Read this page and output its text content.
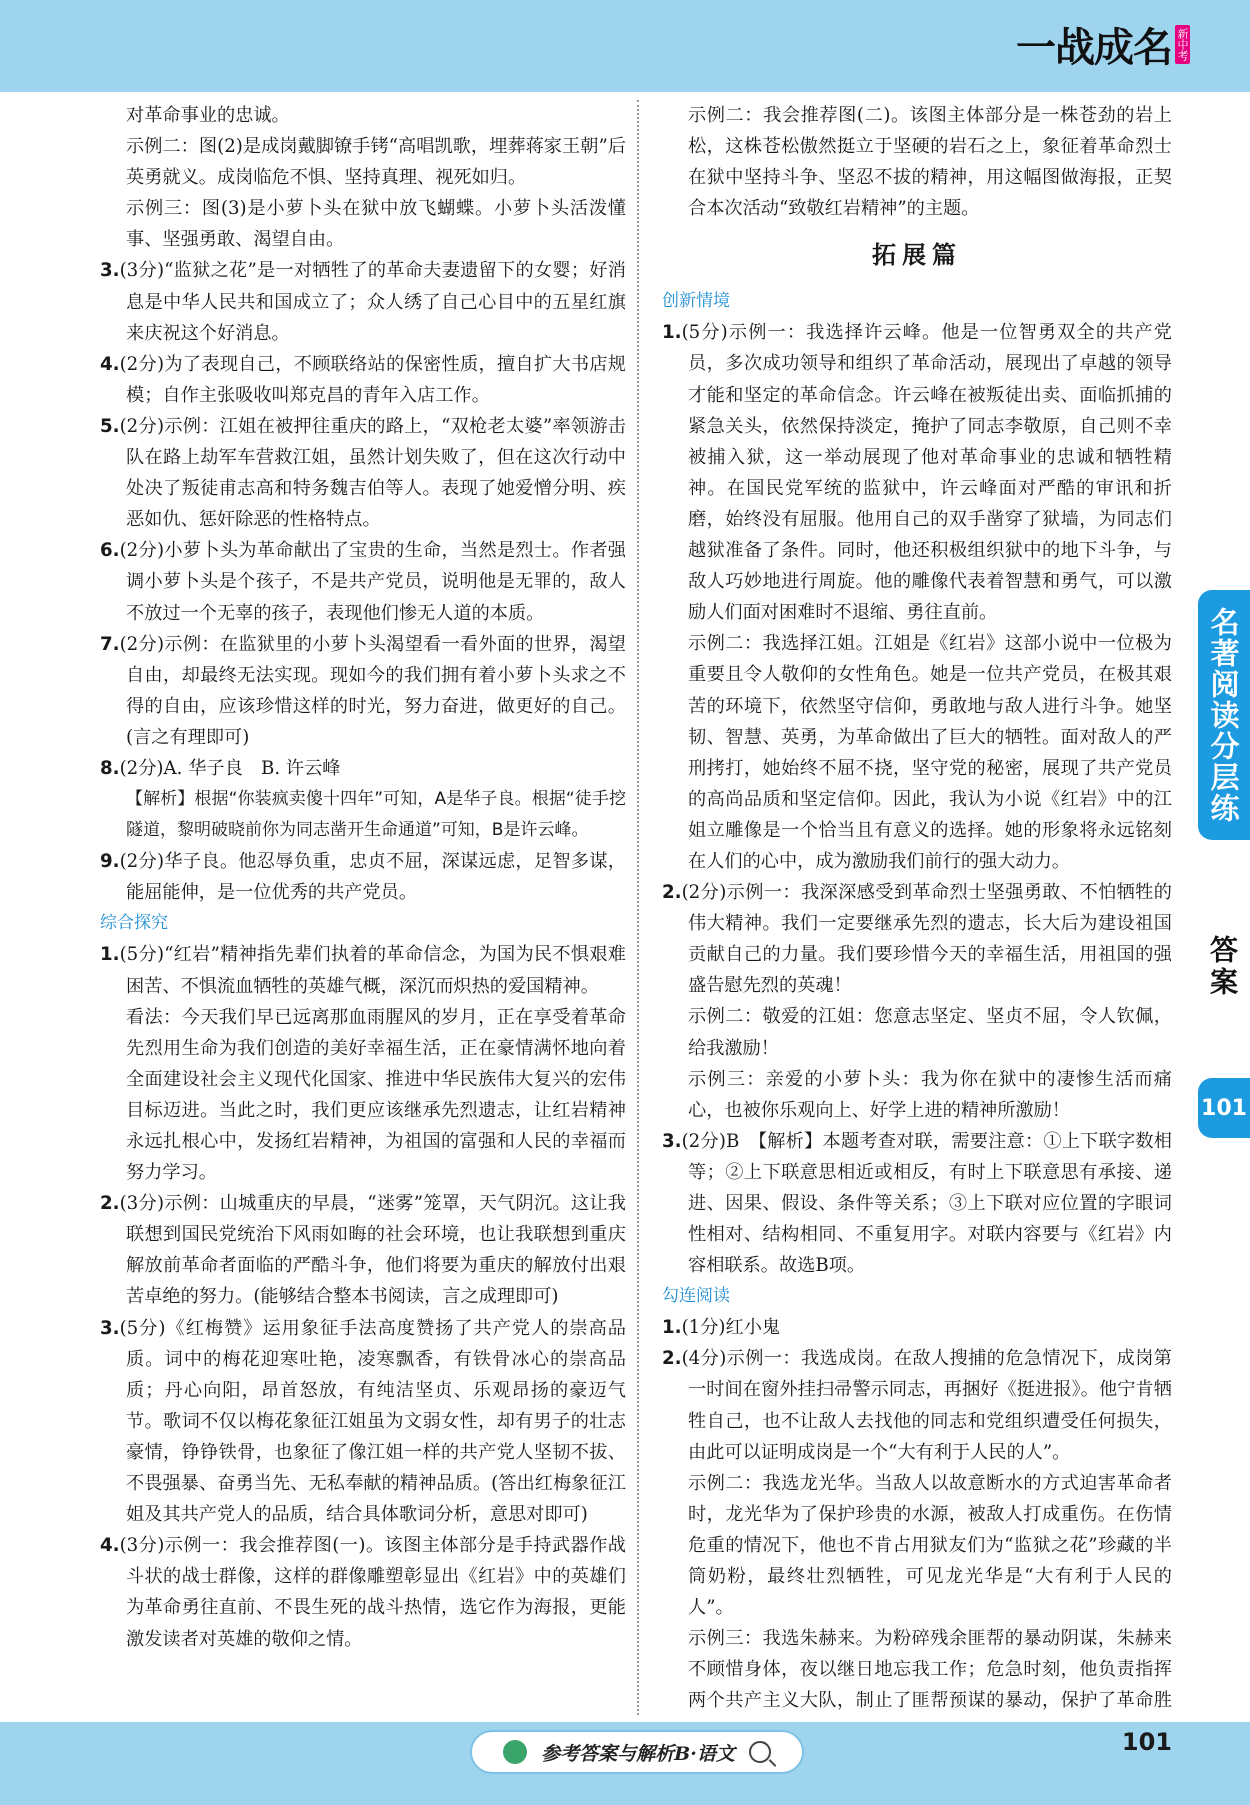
一战成名 新中考

对革命事业的忠诚。

示例二：图(2)是成岗戴脚镣手铐“高唱凯歌，埋葬蒋家王朝”后英勇就义。成岗临危不惧、坚持真理、视死如归。

示例三：图(3)是小萝卜头在狱中放飞蝴蝶。小萝卜头活泼懂事、坚强勇敢、渴望自由。

3.(3分)“监狱之花”是一对牺牲了的革命夫妻遗留下的女婴；好消息是中华人民共和国成立了；众人绣了自己心目中的五星红旗来庆祝这个好消息。

4.(2分)为了表现自己，不顾联络站的保密性质，擅自扩大书店规模；自作主张吸收叫郑克昌的青年入店工作。

5.(2分)示例：江姐在被押往重庆的路上，“双枪老太婆”率领游击队在路上劫军车营救江姐，虽然计划失败了，但在这次行动中处决了叛徒甫志高和特务魏吉伯等人。表现了她爱憎分明、疾恶如仇、惩奸除恶的性格特点。

6.(2分)小萝卜头为革命献出了宝贵的生命，当然是烈士。作者强调小萝卜头是个孩子，不是共产党员，说明他是无罪的，敌人不放过一个无辜的孩子，表现他们惨无人道的本质。

7.(2分)示例：在监狱里的小萝卜头渴望看一看外面的世界，渴望自由，却最终无法实现。现如今的我们拥有着小萝卜头求之不得的自由，应该珍惜这样的时光，努力奋进，做更好的自己。(言之有理即可)

8.(2分)A. 华子良　B. 许云峰

【解析】根据“你装疯卖傻十四年”可知，A是华子良。根据“徒手挖隧道，黎明破晓前你为同志凿开生命通道”可知，B是许云峰。

9.(2分)华子良。他忍辱负重，忠贞不屈，深谋远虑，足智多谋，能屈能伸，是一位优秀的共产党员。

综合探究

1.(5分)“红岩”精神指先辈们执着的革命信念，为国为民不惧艰难困苦、不惧流血牺牲的英雄气概，深沉而炽热的爱国精神。

看法：今天我们早已远离那血雨腥风的岁月，正在享受着革命先烈用生命为我们创造的美好幸福生活，正在豪情满怀地向着全面建设社会主义现代化国家、推进中华民族伟大复兴的宏伟目标迈进。当此之时，我们更应该继承先烈遗志，让红岩精神永远扎根心中，发扬红岩精神，为祖国的富强和人民的幸福而努力学习。

2.(3分)示例：山城重庆的早晨，“迷雾”笼罩，天气阴沉。这让我联想到国民党统治下风雨如晦的社会环境，也让我联想到重庆解放前革命者面临的严酷斗争，他们将要为重庆的解放付出艰苦卓绝的努力。(能够结合整本书阅读，言之成理即可)

3.(5分)《红梅赞》运用象征手法高度赞扬了共产党人的崇高品质。词中的梅花迎寒吐艳，凌寒飘香，有铁骨冰心的崇高品质；丹心向阳，昂首怒放，有纯洁坚贞、乐观昂扬的豪迈气节。歌词不仅以梅花象征江姐虽为文弱女性，却有男子的壮志豪情，铮铮铁骨，也象征了像江姐一样的共产党人坚韧不拔、不畏强暴、奋勇当先、无私奉献的精神品质。(答出红梅象征江姐及其共产党人的品质，结合具体歌词分析，意思对即可)

4.(3分)示例一：我会推荐图(一)。该图主体部分是手持武器作战斗状的战士群像，这样的群像雕塑彰显出《红岩》中的英雄们为革命勇往直前、不畏生死的战斗热情，选它作为海报，更能激发读者对英雄的敬仰之情。

示例二：我会推荐图(二)。该图主体部分是一株苍劲的岩上松，这株苍松傲然挺立于坚硬的岩石之上，象征着革命烈士在狱中坚持斗争、坚忍不拔的精神，用这幅图做海报，正契合本次活动“致敬红岩精神”的主题。

拓展篇

创新情境

1.(5分)示例一：我选择许云峰。他是一位智勇双全的共产党员，多次成功领导和组织了革命活动，展现出了卓越的领导才能和坚定的革命信念。许云峰在被叛徒出卖、面临抓捕的紧急关头，依然保持淡定，掩护了同志李敬原，自己则不幸被捕入狱，这一举动展现了他对革命事业的忠诚和牺牲精神。在国民党军统的监狱中，许云峰面对严酷的审讯和折磨，始终没有屈服。他用自己的双手凿穿了狱墙，为同志们越狱准备了条件。同时，他还积极组织狱中的地下斗争，与敌人巧妙地进行周旋。他的雕像代表着智慧和勇气，可以激励人们面对困难时不退缩、勇往直前。

示例二：我选择江姐。江姐是《红岩》这部小说中一位极为重要且令人敬仰的女性角色。她是一位共产党员，在极其艰苦的环境下，依然坚守信仰，勇敢地与敌人进行斗争。她坚韧、智慧、英勇，为革命做出了巨大的牺牲。面对敌人的严刑拷打，她始终不屈不挠，坚守党的秘密，展现了共产党员的高尚品质和坚定信仰。因此，我认为小说《红岩》中的江姐立雕像是一个恰当且有意义的选择。她的形象将永远铭刻在人们的心中，成为激励我们前行的强大动力。

2.(2分)示例一：我深深感受到革命烈士坚强勇敢、不怕牺牲的伟大精神。我们一定要继承先烈的遗志，长大后为建设祖国贡献自己的力量。我们要珍惜今天的幸福生活，用祖国的强盛告慰先烈的英魂！

示例二：敬爱的江姐：您意志坚定、坚贞不屈，令人钦佩，给我激励！

示例三：亲爱的小萝卜头：我为你在狱中的凄惨生活而痛心，也被你乐观向上、好学上进的精神所激励！

3.(2分)B　【解析】本题考查对联，需要注意：①上下联字数相等；②上下联意思相近或相反，有时上下联意思有承接、递进、因果、假设、条件等关系；③上下联对应位置的字眼词性相对、结构相同、不重复用字。对联内容要与《红岩》内容相联系。故选B项。

勾连阅读

1.(1分)红小鬼

2.(4分)示例一：我选成岗。在敌人搜捕的危急情况下，成岗第一时间在窗外挂扫帚警示同志，再捆好《挺进报》。他宁肯牺牲自己，也不让敌人去找他的同志和党组织遭受任何损失，由此可以证明成岗是一个“大有利于人民的人”。

示例二：我选龙光华。当敌人以故意断水的方式迫害革命者时，龙光华为了保护珍贵的水源，被敌人打成重伤。在伤情危重的情况下，他也不肯占用狱友们为“监狱之花”珍藏的半筒奶粉，最终壮烈牺牲，可见龙光华是“大有利于人民的人”。

示例三：我选朱赫来。为粉碎残余匪帮的暴动阴谋，朱赫来不顾惜身体，夜以继日地忘我工作；危急时刻，他负责指挥两个共产主义大队，制止了匪帮预谋的暴动，保护了革命胜

名著阅读分层练
答案
101
参考答案与解析B·语文	101
